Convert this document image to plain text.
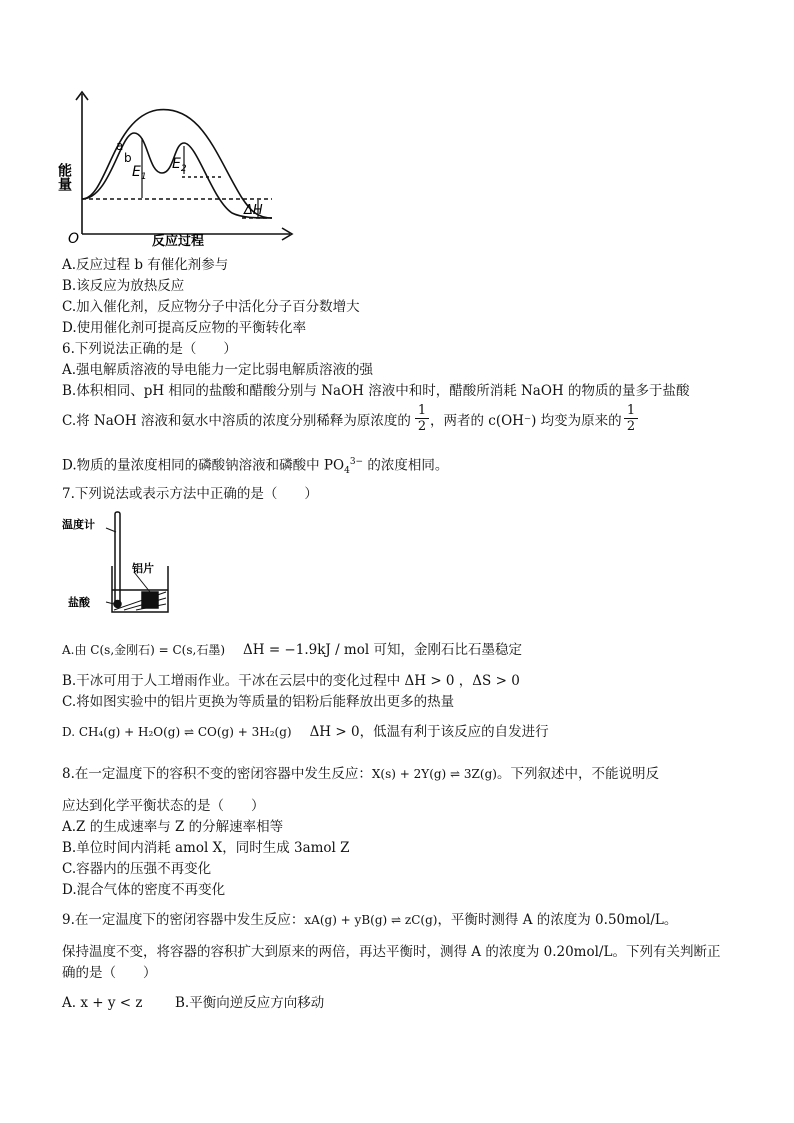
能量
反应过程
O
a
b
$E_1$
$E_2$
ΔH
A.反应过程 b 有催化剂参与
B.该反应为放热反应
C.加入催化剂，反应物分子中活化分子百分数增大
D.使用催化剂可提高反应物的平衡转化率
6.下列说法正确的是（　　）
A.强电解质溶液的导电能力一定比弱电解质溶液的强
B.体积相同、pH 相同的盐酸和醋酸分别与 NaOH 溶液中和时，醋酸所消耗 NaOH 的物质的量多于盐酸
C.将 NaOH 溶液和氨水中溶质的浓度分别稀释为原浓度的 $\frac{1}{2}$ ，两者的 c(OH⁻) 均变为原来的 $\frac{1}{2}$
D.物质的量浓度相同的磷酸钠溶液和磷酸中 $PO_4^{3-}$ 的浓度相同。
7.下列说法或表示方法中正确的是（　　）
温度计
铝片
盐酸
A.由 C(s,金刚石) = C(s,石墨) ΔH = −1.9kJ / mol 可知，金刚石比石墨稳定
B.干冰可用于人工增雨作业。干冰在云层中的变化过程中 ΔH > 0 ，ΔS > 0
C.将如图实验中的铝片更换为等质量的铝粉后能释放出更多的热量
D. CH₄(g) + H₂O(g) ⇌ CO(g) + 3H₂(g) ΔH > 0，低温有利于该反应的自发进行
8.在一定温度下的容积不变的密闭容器中发生反应：X(s) + 2Y(g) ⇌ 3Z(g)。下列叙述中，不能说明反
应达到化学平衡状态的是（　　）
A.Z 的生成速率与 Z 的分解速率相等
B.单位时间内消耗 amol X，同时生成 3amol Z
C.容器内的压强不再变化
D.混合气体的密度不再变化
9.在一定温度下的密闭容器中发生反应：xA(g) + yB(g) ⇌ zC(g)，平衡时测得 A 的浓度为 0.50mol/L。
保持温度不变，将容器的容积扩大到原来的两倍，再达平衡时，测得 A 的浓度为 0.20mol/L。下列有关判断正
确的是（　　）
A. x + y < z B.平衡向逆反应方向移动
